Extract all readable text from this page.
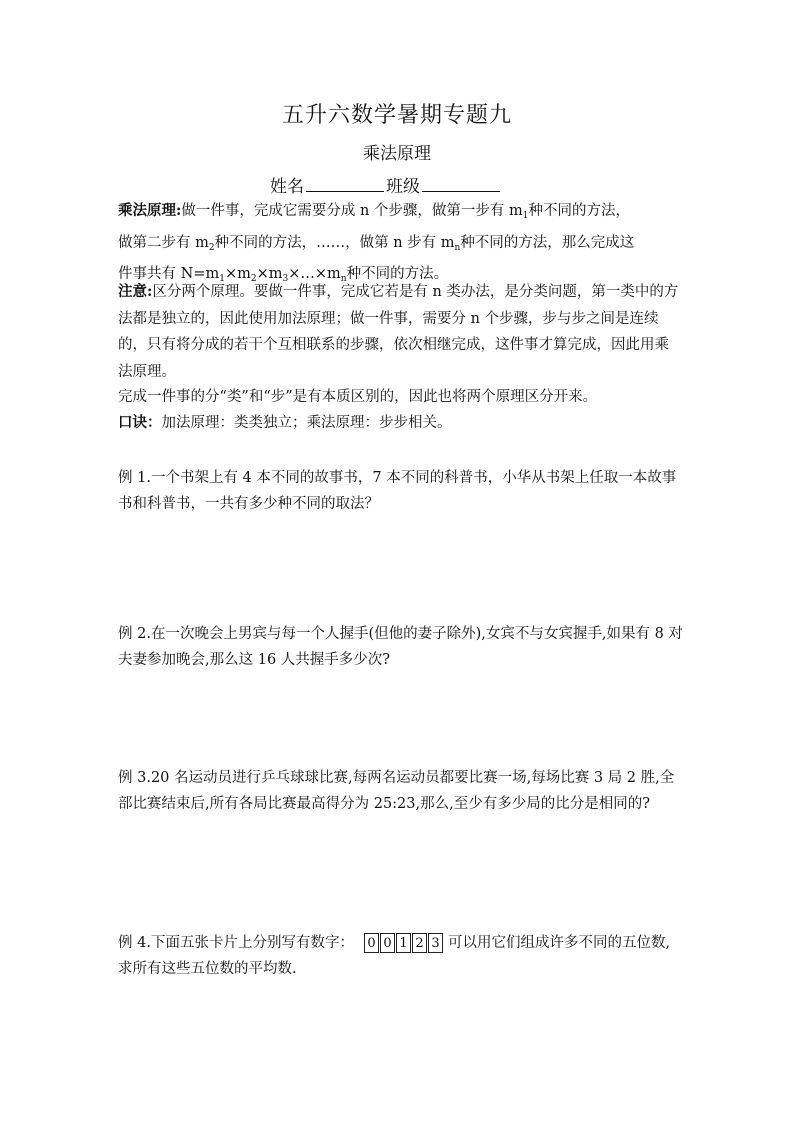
五升六数学暑期专题九
乘法原理
姓名	班级
乘法原理:做一件事，完成它需要分成 n 个步骤，做第一步有 $m_1$种不同的方法，
做第二步有 $m_2$种不同的方法，……，做第 n 步有 $m_n$种不同的方法，那么完成这
件事共有 $N=m_1\times m_2\times m_3\times\dots\times m_n$种不同的方法。
注意:区分两个原理。要做一件事，完成它若是有 n 类办法，是分类问题，第一类中的方法都是独立的，因此使用加法原理；做一件事，需要分 n 个步骤，步与步之间是连续的，只有将分成的若干个互相联系的步骤，依次相继完成，这件事才算完成，因此用乘法原理。
完成一件事的分“类”和“步”是有本质区别的，因此也将两个原理区分开来。
口诀：加法原理：类类独立；乘法原理：步步相关。
例 1.一个书架上有 4 本不同的故事书，7 本不同的科普书，小华从书架上任取一本故事书和科普书，一共有多少种不同的取法？
例 2.在一次晚会上男宾与每一个人握手(但他的妻子除外),女宾不与女宾握手,如果有 8 对夫妻参加晚会,那么这 16 人共握手多少次?
例 3.20 名运动员进行乒乓球球比赛,每两名运动员都要比赛一场,每场比赛 3 局 2 胜,全部比赛结束后,所有各局比赛最高得分为 25:23,那么,至少有多少局的比分是相同的?
例 4.下面五张卡片上分别写有数字： 0 0 1 2 3 可以用它们组成许多不同的五位数,求所有这些五位数的平均数.
